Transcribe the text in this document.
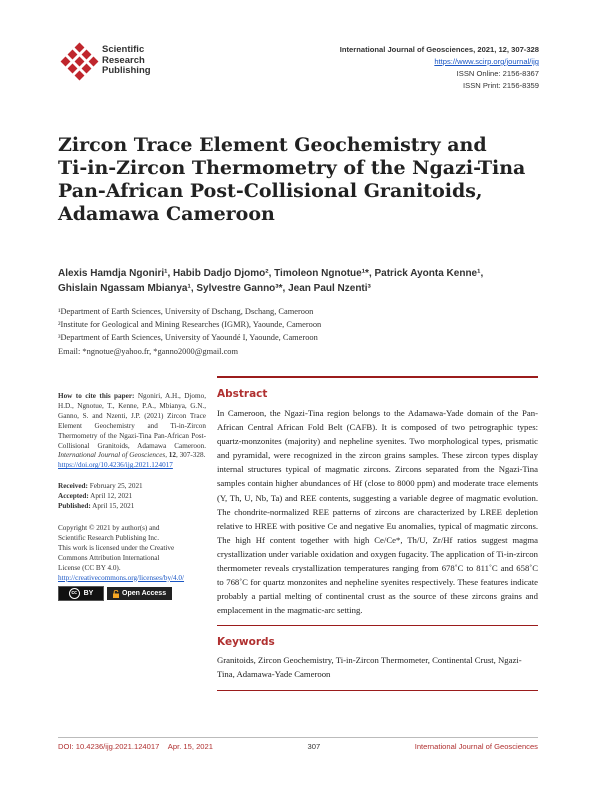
Scientific
Research
Publishing
International Journal of Geosciences, 2021, 12, 307-328
https://www.scirp.org/journal/ijg
ISSN Online: 2156-8367
ISSN Print: 2156-8359
Zircon Trace Element Geochemistry and
Ti-in-Zircon Thermometry of the Ngazi-Tina
Pan-African Post-Collisional Granitoids,
Adamawa Cameroon
Alexis Hamdja Ngoniri¹, Habib Dadjo Djomo², Timoleon Ngnotue¹*, Patrick Ayonta Kenne¹,
Ghislain Ngassam Mbianya¹, Sylvestre Ganno³*, Jean Paul Nzenti³
¹Department of Earth Sciences, University of Dschang, Dschang, Cameroon
²Institute for Geological and Mining Researches (IGMR), Yaounde, Cameroon
³Department of Earth Sciences, University of Yaoundé I, Yaounde, Cameroon
Email: *ngnotue@yahoo.fr, *ganno2000@gmail.com
How to cite this paper: Ngoniri, A.H., Djomo, H.D., Ngnotue, T., Kenne, P.A., Mbianya, G.N., Ganno, S. and Nzenti, J.P. (2021) Zircon Trace Element Geochemistry and Ti-in-Zircon Thermometry of the Ngazi-Tina Pan-African Post-Collisional Granitoids, Adamawa Cameroon. International Journal of Geosciences, 12, 307-328.
https://doi.org/10.4236/ijg.2021.124017
Received: February 25, 2021
Accepted: April 12, 2021
Published: April 15, 2021
Copyright © 2021 by author(s) and
Scientific Research Publishing Inc.
This work is licensed under the Creative
Commons Attribution International
License (CC BY 4.0).
http://creativecommons.org/licenses/by/4.0/
cc BY	Open Access
Abstract

In Cameroon, the Ngazi-Tina region belongs to the Adamawa-Yade domain of the Pan-African Central African Fold Belt (CAFB). It is composed of two petrographic types: quartz-monzonites (majority) and nepheline syenites. Two morphological types, prismatic and pyramidal, were recognized in the zircon grains samples. These zircon types display internal structures typical of magmatic zircons. Zircons separated from the Ngazi-Tina samples contain higher abundances of Hf (close to 8000 ppm) and moderate trace elements (Y, Th, U, Nb, Ta) and REE contents, suggesting a variable degree of magmatic evolution. The chondrite-normalized REE patterns of zircons are characterized by LREE depletion relative to HREE with positive Ce and negative Eu anomalies, typical of magmatic zircons. The high Hf content together with high Ce/Ce*, Th/U, Zr/Hf ratios suggest magma crystallization under variable oxidation and oxygen fugacity. The application of Ti-in-zircon thermometer reveals crystallization temperatures ranging from 678˚C to 811˚C and 658˚C to 768˚C for quartz monzonites and nepheline syenites respectively. These features indicate probably a partial melting of continental crust as the source of these zircons grains and emplacement in the magmatic-arc setting.

Keywords

Granitoids, Zircon Geochemistry, Ti-in-Zircon Thermometer, Continental Crust, Ngazi-Tina, Adamawa-Yade Cameroon

DOI: 10.4236/ijg.2021.124017 Apr. 15, 2021	307	International Journal of Geosciences
